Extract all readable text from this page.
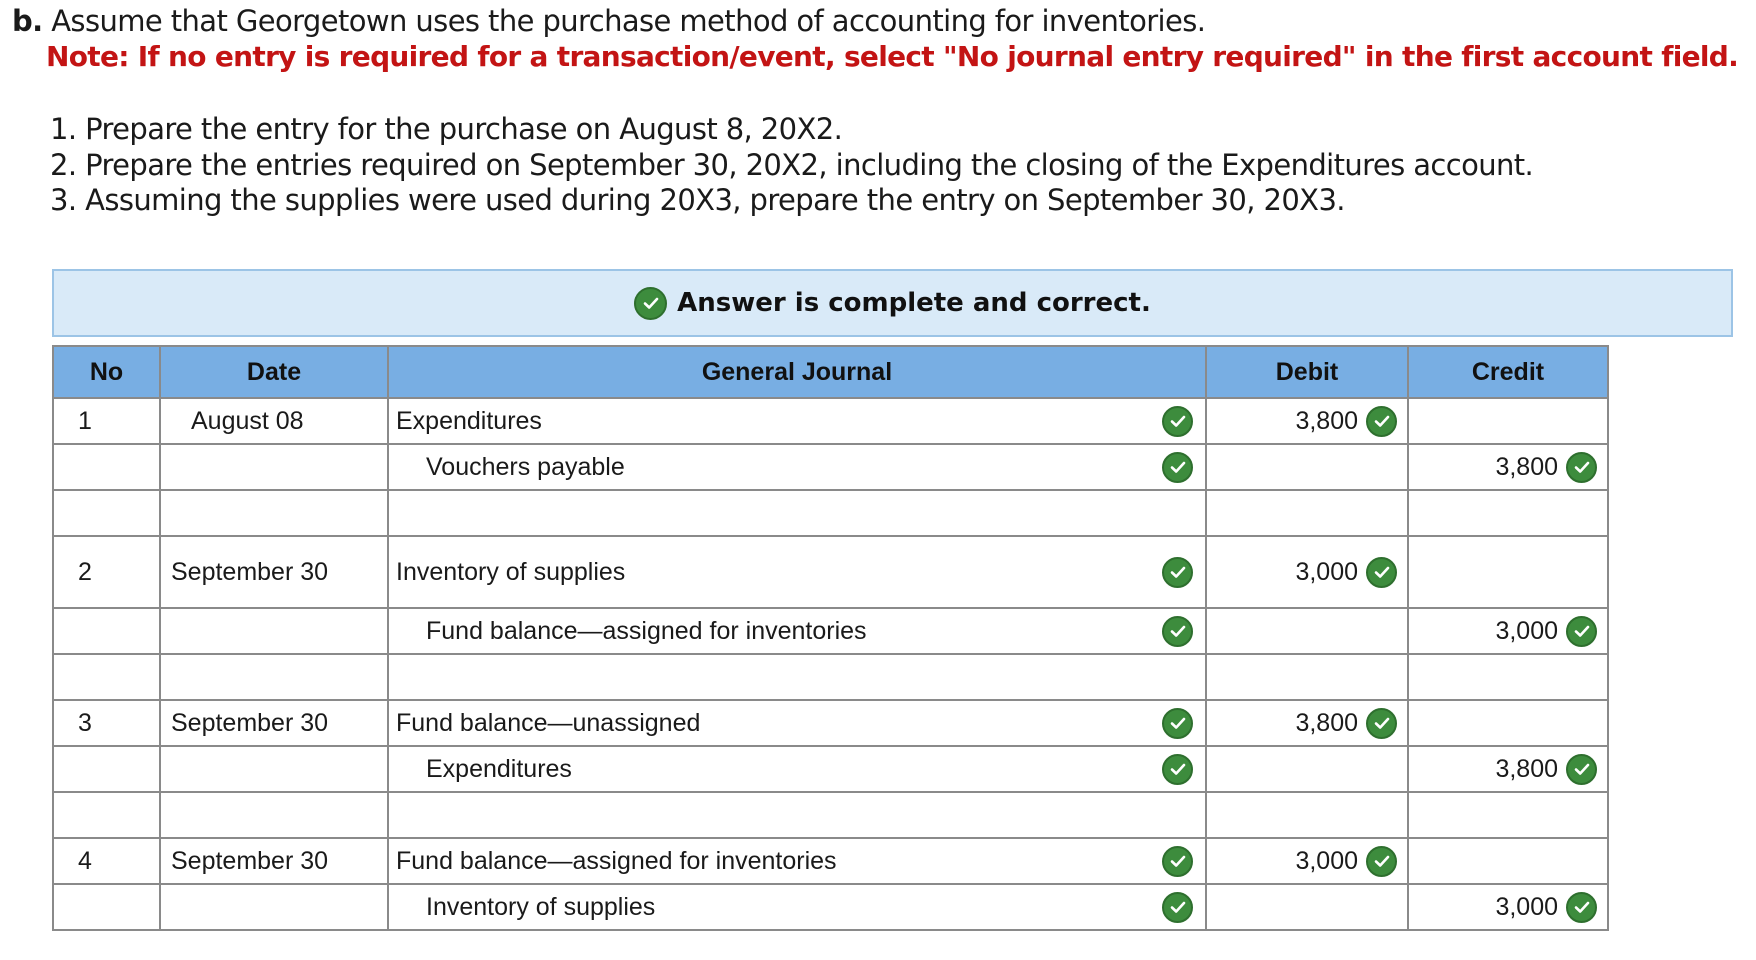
b. Assume that Georgetown uses the purchase method of accounting for inventories.
Note: If no entry is required for a transaction/event, select "No journal entry required" in the first account field.
1. Prepare the entry for the purchase on August 8, 20X2.
2. Prepare the entries required on September 30, 20X2, including the closing of the Expenditures account.
3. Assuming the supplies were used during 20X3, prepare the entry on September 30, 20X3.
Answer is complete and correct.
No	Date	General Journal	Debit	Credit
1	August 08	Expenditures	3,800	

		Vouchers payable		3,800

2	September 30	Inventory of supplies	3,000	

		Fund balance—assigned for inventories		3,000

3	September 30	Fund balance—unassigned	3,800	

		Expenditures		3,800

4	September 30	Fund balance—assigned for inventories	3,000	

		Inventory of supplies		3,000
